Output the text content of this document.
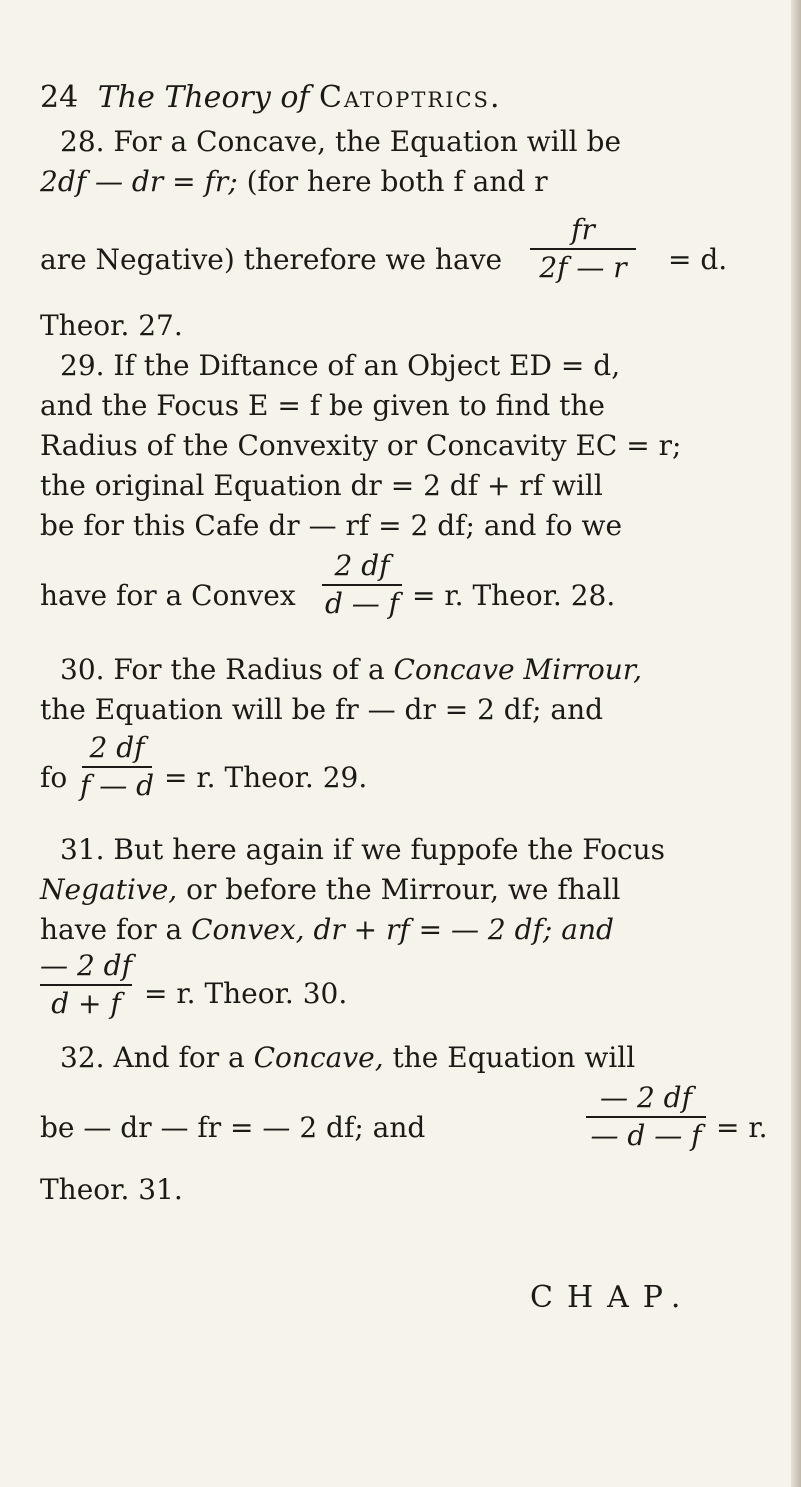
24 The Theory of Catoptrics.
28. For a Concave, the Equation will be
2df — dr = fr; (for here both f and r
are Negative) therefore we have
fr
2f — r = d.
Theor. 27.
29. If the Diftance of an Object ED = d,
and the Focus E = f be given to find the
Radius of the Convexity or Concavity EC = r;
the original Equation dr = 2 df + rf will
be for this Cafe dr — rf = 2 df; and fo we
have for a Convex
2 df
d — f = r. Theor. 28.
30. For the Radius of a Concave Mirrour,
the Equation will be fr — dr = 2 df; and
fo
2 df
f — d = r. Theor. 29.
31. But here again if we fuppofe the Focus
Negative, or before the Mirrour, we fhall
have for a Convex, dr + rf = — 2 df; and
— 2 df
d + f = r. Theor. 30.
32. And for a Concave, the Equation will
be — dr — fr = — 2 df; and
— 2 df
— d — f = r.
Theor. 31.
CHAP.
